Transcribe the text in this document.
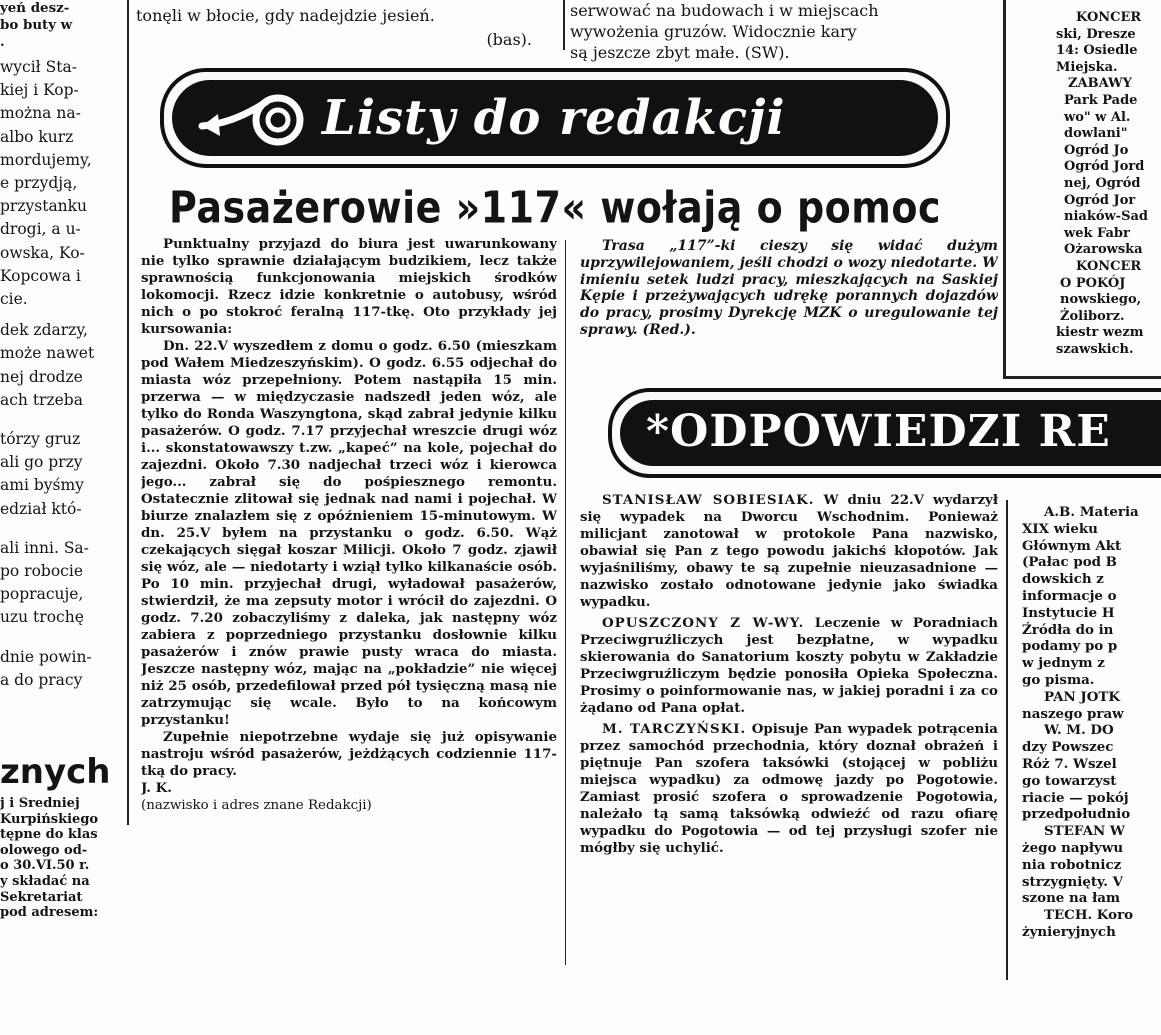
yeń desz-

bo buty w

.

tonęli w błocie, gdy nadejdzie jesień.

(bas).

serwować na budowach i w miejscach

wywożenia gruzów. Widocznie kary

są jeszcze zbyt małe. (SW).

wycił Sta-

kiej i Kop-

można na-

albo kurz

mordujemy,

e przydją,

przystanku

drogi, a u-

owska, Ko-

Kopcowa i

cie.

dek zdarzy,

może nawet

nej drodze

ach trzeba

tórzy gruz

ali go przy

ami byśmy

edział któ-

ali inni. Sa-

po robocie

popracuje,

uzu trochę

dnie powin-

a do pracy

znych

j i Średniej

Kurpińskiego

tępne do klas

olowego od-

o 30.VI.50 r.

y składać na

Sekretariat

pod adresem:

Listy do redakcji
Pasażerowie »117« wołają o pomoc

Punktualny przyjazd do biura jest uwarunkowany nie tylko sprawnie działającym budzikiem, lecz także sprawnością funkcjonowania miejskich środków lokomocji. Rzecz idzie konkretnie o autobusy, wśród nich o po stokroć feralną 117-tkę. Oto przykłady jej kursowania:

Dn. 22.V wyszedłem z domu o godz. 6.50 (mieszkam pod Wałem Miedzeszyńskim). O godz. 6.55 odjechał do miasta wóz przepełniony. Potem nastąpiła 15 min. przerwa — w międzyczasie nadszedł jeden wóz, ale tylko do Ronda Waszyngtona, skąd zabrał jedynie kilku pasażerów. O godz. 7.17 przyjechał wreszcie drugi wóz i... skonstatowawszy t.zw. „kapeć” na kole, pojechał do zajezdni. Około 7.30 nadjechał trzeci wóz i kierowca jego... zabrał się do pośpiesznego remontu. Ostatecznie zlitował się jednak nad nami i pojechał. W biurze znalazłem się z opóźnieniem 15-minutowym. W dn. 25.V byłem na przystanku o godz. 6.50. Wąż czekających sięgał koszar Milicji. Około 7 godz. zjawił się wóz, ale — niedotarty i wziął tylko kilkanaście osób. Po 10 min. przyjechał drugi, wyładował pasażerów, stwierdził, że ma zepsuty motor i wrócił do zajezdni. O godz. 7.20 zobaczyliśmy z daleka, jak następny wóz zabiera z poprzedniego przystanku dosłownie kilku pasażerów i znów prawie pusty wraca do miasta. Jeszcze następny wóz, mając na „pokładzie” nie więcej niż 25 osób, przedefilował przed pół tysięczną masą nie zatrzymując się wcale. Było to na końcowym przystanku!

Zupełnie niepotrzebne wydaje się już opisywanie nastroju wśród pasażerów, jeżdżących codziennie 117-tką do pracy.

J. K.

(nazwisko i adres znane Redakcji)

Trasa „117”-ki cieszy się widać dużym uprzywilejowaniem, jeśli chodzi o wozy niedotarte. W imieniu setek ludzi pracy, mieszkających na Saskiej Kępie i przeżywających udrękę porannych dojazdów do pracy, prosimy Dyrekcję MZK o uregulowanie tej sprawy. (Red.).

*ODPOWIEDZI RE

STANISŁAW SOBIESIAK. W dniu 22.V wydarzył się wypadek na Dworcu Wschodnim. Ponieważ milicjant zanotował w protokole Pana nazwisko, obawiał się Pan z tego powodu jakichś kłopotów. Jak wyjaśniliśmy, obawy te są zupełnie nieuzasadnione — nazwisko zostało odnotowane jedynie jako świadka wypadku.

OPUSZCZONY Z W-WY. Leczenie w Poradniach Przeciwgruźliczych jest bezpłatne, w wypadku skierowania do Sanatorium koszty pobytu w Zakładzie Przeciwgruźliczym będzie ponosiła Opieka Społeczna. Prosimy o poinformowanie nas, w jakiej poradni i za co żądano od Pana opłat.

M. TARCZYŃSKI. Opisuje Pan wypadek potrącenia przez samochód przechodnia, który doznał obrażeń i piętnuje Pan szofera taksówki (stojącej w pobliżu miejsca wypadku) za odmowę jazdy po Pogotowie. Zamiast prosić szofera o sprowadzenie Pogotowia, należało tą samą taksówką odwieźć od razu ofiarę wypadku do Pogotowia — od tej przysługi szofer nie mógłby się uchylić.

KONCER

ski, Dresze

14: Osiedle

Miejska.

ZABAWY

Park Pade

wo" w Al.

dowlani"

Ogród Jo

Ogród Jord

nej, Ogród

Ogród Jor

niaków-Sad

wek Fabr

Ożarowska

KONCER

O POKÓJ

nowskiego,

Żoliborz.

kiestr wezm

szawskich.

A.B. Materia

XIX wieku

Głównym Akt

(Pałac pod B

dowskich z

informacje o

Instytucie H

Źródła do in

podamy po p

w jednym z

go pisma.

PAN JOTK

naszego praw

W. M. DO

dzy Powszec

Róż 7. Wszel

go towarzyst

riacie — pokój

przedpołudnio

STEFAN W

żego napływu

nia robotnicz

strzygnięty. V

szone na łam

TECH. Koro

żynieryjnych
